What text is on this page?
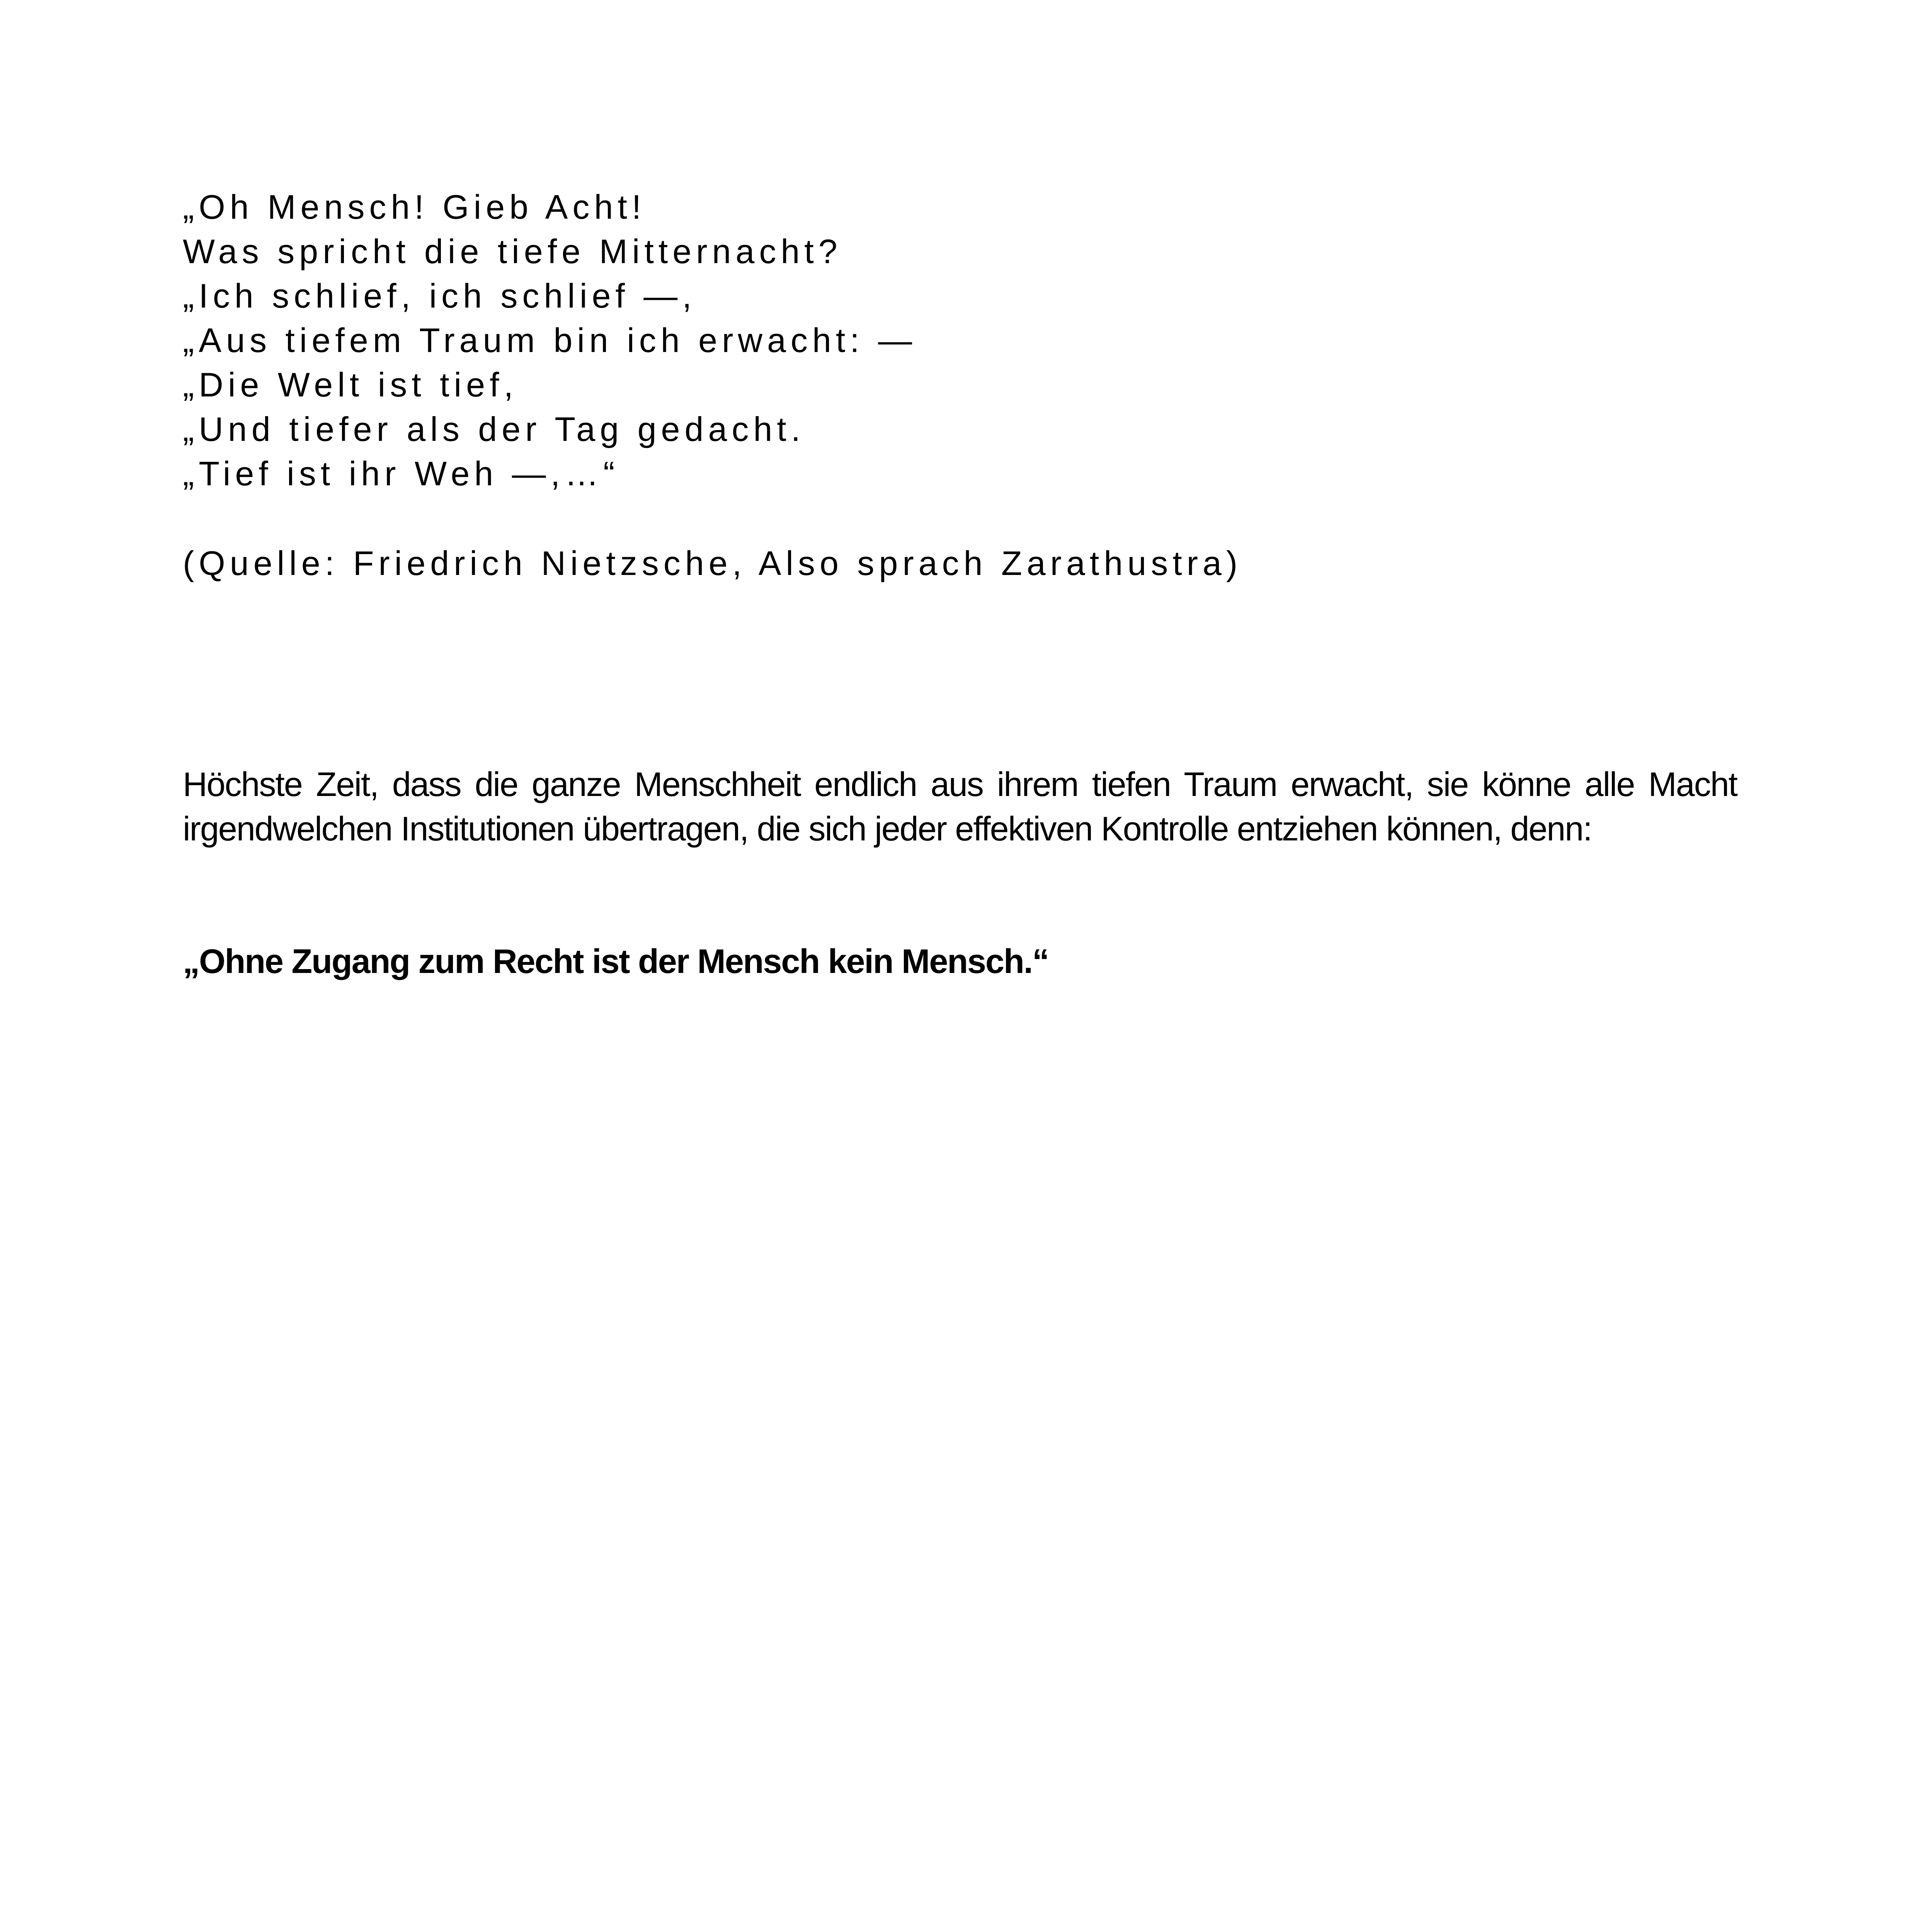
„Oh Mensch! Gieb Acht!
Was spricht die tiefe Mitternacht?
„Ich schlief, ich schlief —,
„Aus tiefem Traum bin ich erwacht: —
„Die Welt ist tief,
„Und tiefer als der Tag gedacht.
„Tief ist ihr Weh —,…“
(Quelle: Friedrich Nietzsche, Also sprach Zarathustra)

Höchste Zeit, dass die ganze Menschheit endlich aus ihrem tiefen Traum erwacht, sie könne alle Macht irgendwelchen Institutionen übertragen, die sich jeder effektiven Kontrolle entziehen können, denn:

„Ohne Zugang zum Recht ist der Mensch kein Mensch.“
